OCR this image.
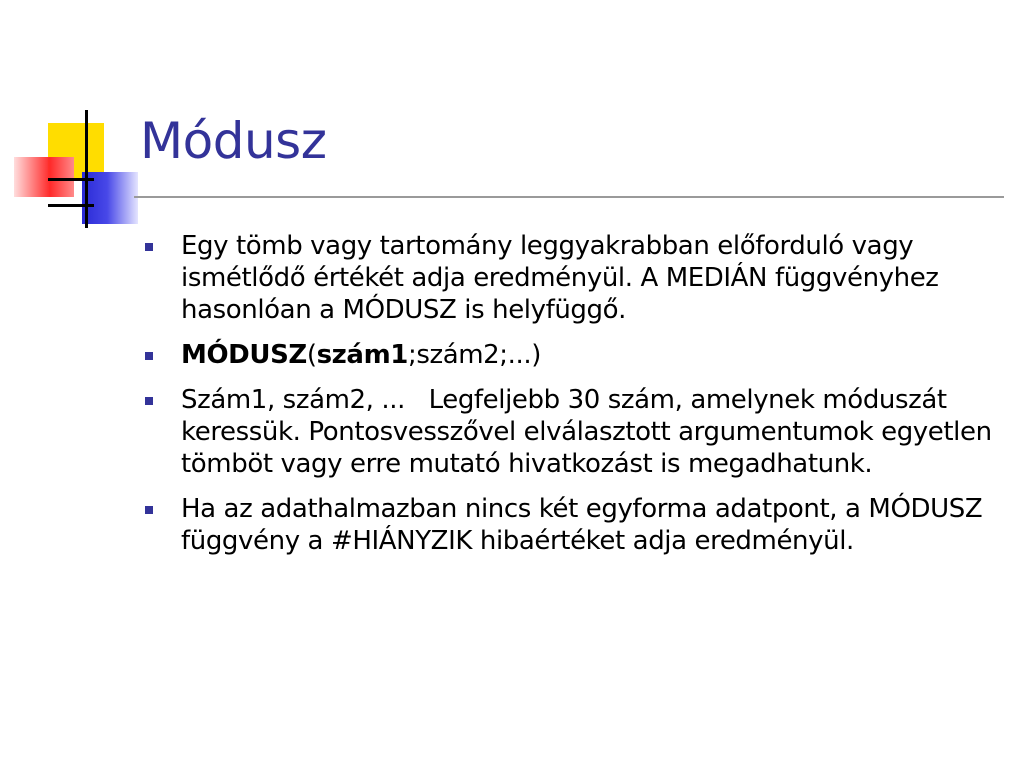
Módusz
Egy tömb vagy tartomány leggyakrabban előforduló vagy ismétlődő értékét adja eredményül. A MEDIÁN függvényhez hasonlóan a MÓDUSZ is helyfüggő.
MÓDUSZ(szám1;szám2;...)
Szám1, szám2, ...   Legfeljebb 30 szám, amelynek móduszát keressük. Pontosvesszővel elválasztott argumentumok egyetlen tömböt vagy erre mutató hivatkozást is megadhatunk.
Ha az adathalmazban nincs két egyforma adatpont, a MÓDUSZ függvény a #HIÁNYZIK hibaértéket adja eredményül.
